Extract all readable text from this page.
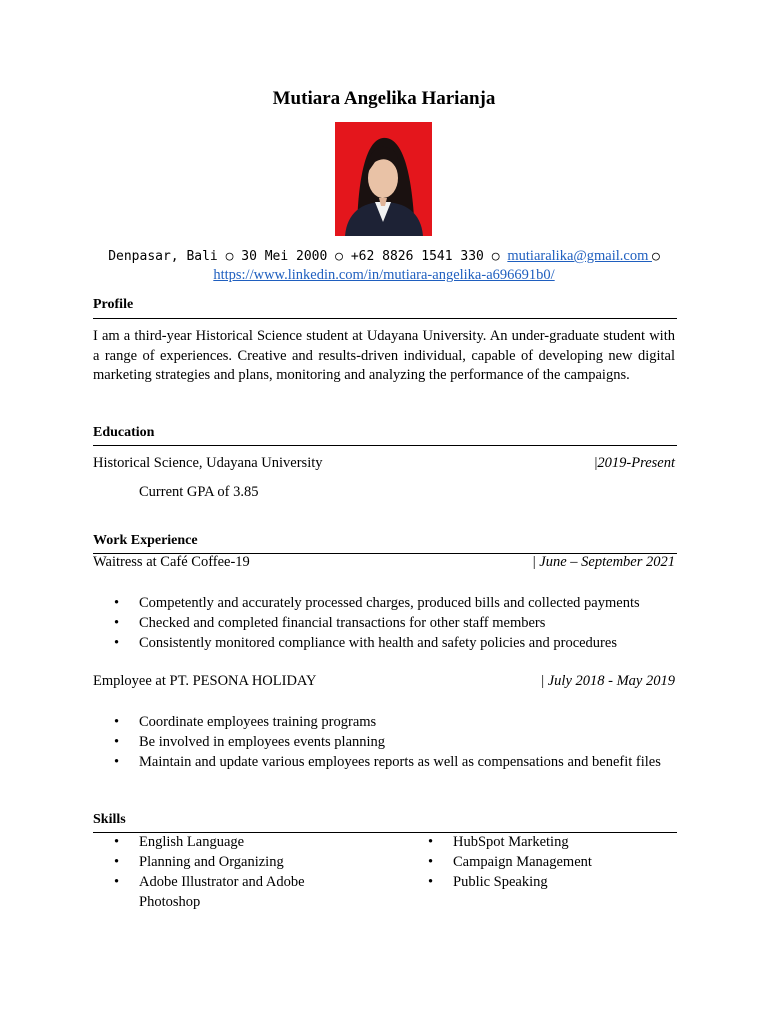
Mutiara Angelika Harianja
Denpasar, Bali ○ 30 Mei 2000 ○ +62 8826 1541 330 ○ mutiaralika@gmail.com ○
https://www.linkedin.com/in/mutiara-angelika-a696691b0/
Profile
I am a third-year Historical Science student at Udayana University. An under-graduate student with a range of experiences. Creative and results-driven individual, capable of developing new digital marketing strategies and plans, monitoring and analyzing the performance of the campaigns.
Education
Historical Science, Udayana University	|2019-Present
Current GPA of 3.85
Work Experience
Waitress at Café Coffee-19	| June – September 2021
• Competently and accurately processed charges, produced bills and collected payments
• Checked and completed financial transactions for other staff members
• Consistently monitored compliance with health and safety policies and procedures
Employee at PT. PESONA HOLIDAY	| July 2018 - May 2019
• Coordinate employees training programs
• Be involved in employees events planning
• Maintain and update various employees reports as well as compensations and benefit files
Skills
• English Language
• Planning and Organizing
• Adobe Illustrator and Adobe Photoshop
• HubSpot Marketing
• Campaign Management
• Public Speaking
